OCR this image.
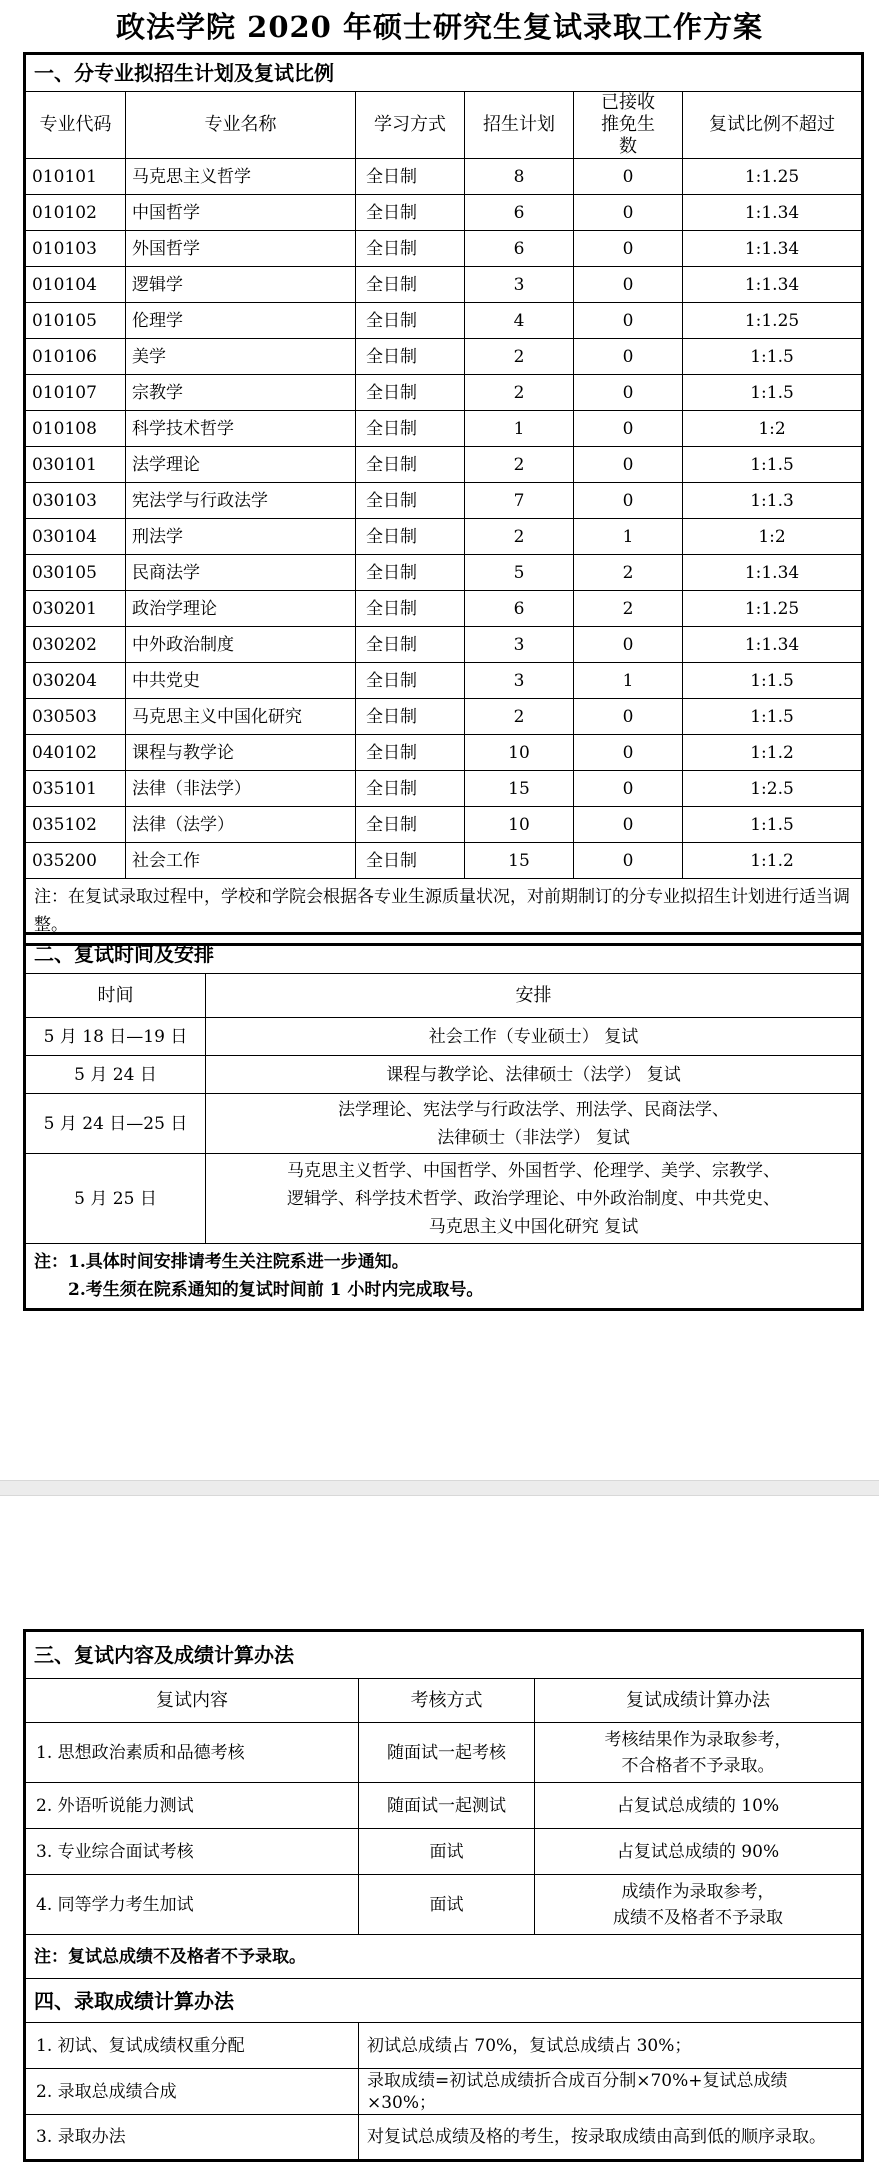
政法学院 2020 年硕士研究生复试录取工作方案
一、分专业拟招生计划及复试比例					
专业代码	专业名称	学习方式	招生计划	已接收推免生数	复试比例不超过
010101	马克思主义哲学	全日制	8	0	1:1.25
010102	中国哲学	全日制	6	0	1:1.34
010103	外国哲学	全日制	6	0	1:1.34
010104	逻辑学	全日制	3	0	1:1.34
010105	伦理学	全日制	4	0	1:1.25
010106	美学	全日制	2	0	1:1.5
010107	宗教学	全日制	2	0	1:1.5
010108	科学技术哲学	全日制	1	0	1:2
030101	法学理论	全日制	2	0	1:1.5
030103	宪法学与行政法学	全日制	7	0	1:1.3
030104	刑法学	全日制	2	1	1:2
030105	民商法学	全日制	5	2	1:1.34
030201	政治学理论	全日制	6	2	1:1.25
030202	中外政治制度	全日制	3	0	1:1.34
030204	中共党史	全日制	3	1	1:1.5
030503	马克思主义中国化研究	全日制	2	0	1:1.5
040102	课程与教学论	全日制	10	0	1:1.2
035101	法律（非法学）	全日制	15	0	1:2.5
035102	法律（法学）	全日制	10	0	1:1.5
035200	社会工作	全日制	15	0	1:1.2
注：在复试录取过程中，学校和学院会根据各专业生源质量状况，对前期制订的分专业拟招生计划进行适当调整。					
二、复试时间及安排	
时间	安排
5 月 18 日—19 日	社会工作（专业硕士） 复试
5 月 24 日	课程与教学论、法律硕士（法学） 复试
5 月 24 日—25 日	法学理论、宪法学与行政法学、刑法学、民商法学、
法律硕士（非法学） 复试
5 月 25 日	马克思主义哲学、中国哲学、外国哲学、伦理学、美学、宗教学、
逻辑学、科学技术哲学、政治学理论、中外政治制度、中共党史、
马克思主义中国化研究 复试

注：1.具体时间安排请考生关注院系进一步通知。
2.考生须在院系通知的复试时间前 1 小时内完成取号。	
三、复试内容及成绩计算办法		
复试内容	考核方式	复试成绩计算办法
1. 思想政治素质和品德考核	随面试一起考核	考核结果作为录取参考，
不合格者不予录取。
2. 外语听说能力测试	随面试一起测试	占复试总成绩的 10%
3. 专业综合面试考核	面试	占复试总成绩的 90%
4. 同等学力考生加试	面试	成绩作为录取参考，
成绩不及格者不予录取
注：复试总成绩不及格者不予录取。		
四、录取成绩计算办法		
1. 初试、复试成绩权重分配	初试总成绩占 70%，复试总成绩占 30%；	
2. 录取总成绩合成	录取成绩=初试总成绩折合成百分制×70%+复试总成绩×30%；	
3. 录取办法	对复试总成绩及格的考生，按录取成绩由高到低的顺序录取。	
